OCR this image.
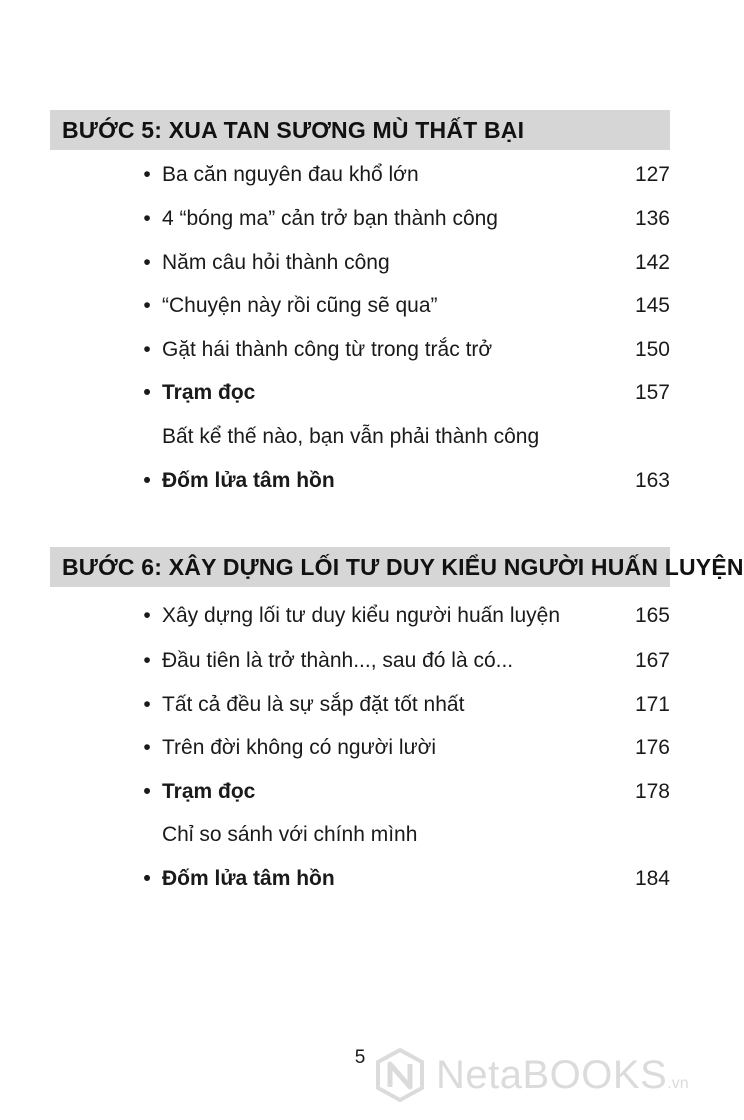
BƯỚC 5: XUA TAN SƯƠNG MÙ THẤT BẠI
• Ba căn nguyên đau khổ lớn	127
• 4 “bóng ma” cản trở bạn thành công	136
• Năm câu hỏi thành công	142
• “Chuyện này rồi cũng sẽ qua”	145
• Gặt hái thành công từ trong trắc trở	150
• Trạm đọc	157
Bất kể thế nào, bạn vẫn phải thành công
• Đốm lửa tâm hồn	163
BƯỚC 6: XÂY DỰNG LỐI TƯ DUY KIỂU NGƯỜI HUẤN LUYỆN
• Xây dựng lối tư duy kiểu người huấn luyện	165
• Đầu tiên là trở thành..., sau đó là có...	167
• Tất cả đều là sự sắp đặt tốt nhất	171
• Trên đời không có người lười	176
• Trạm đọc	178
Chỉ so sánh với chính mình
• Đốm lửa tâm hồn	184
5	NetaBOOKS .vn
